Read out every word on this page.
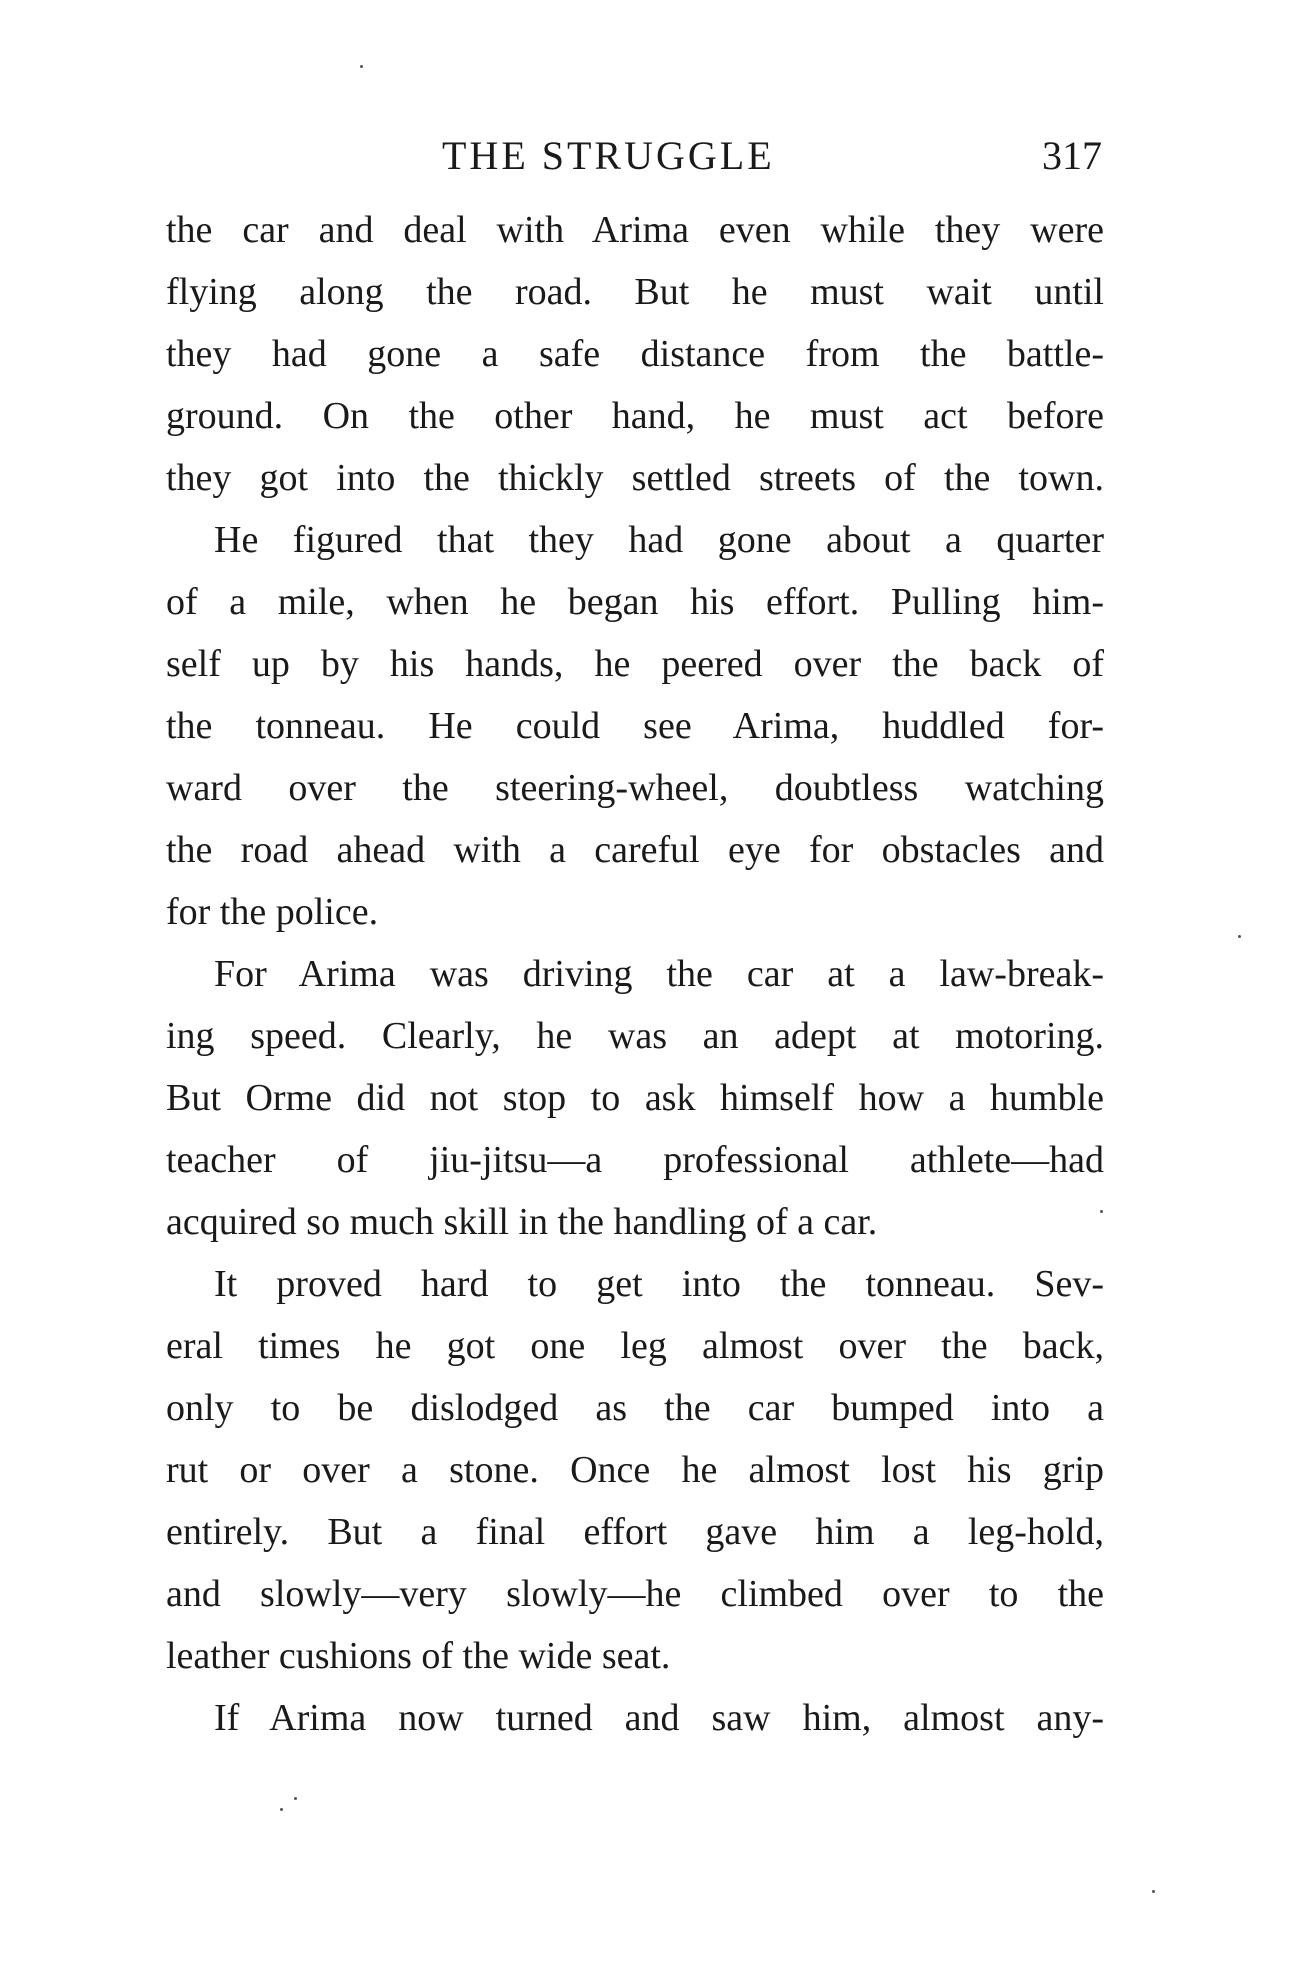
THE STRUGGLE	317
the car and deal with Arima even while they were
flying along the road. But he must wait until
they had gone a safe distance from the battle-
ground. On the other hand, he must act before
they got into the thickly settled streets of the town.
He figured that they had gone about a quarter
of a mile, when he began his effort. Pulling him-
self up by his hands, he peered over the back of
the tonneau. He could see Arima, huddled for-
ward over the steering-wheel, doubtless watching
the road ahead with a careful eye for obstacles and
for the police.
For Arima was driving the car at a law-break-
ing speed. Clearly, he was an adept at motoring.
But Orme did not stop to ask himself how a humble
teacher of jiu-jitsu—a professional athlete—had
acquired so much skill in the handling of a car.
It proved hard to get into the tonneau. Sev-
eral times he got one leg almost over the back,
only to be dislodged as the car bumped into a
rut or over a stone. Once he almost lost his grip
entirely. But a final effort gave him a leg-hold,
and slowly—very slowly—he climbed over to the
leather cushions of the wide seat.
If Arima now turned and saw him, almost any-
